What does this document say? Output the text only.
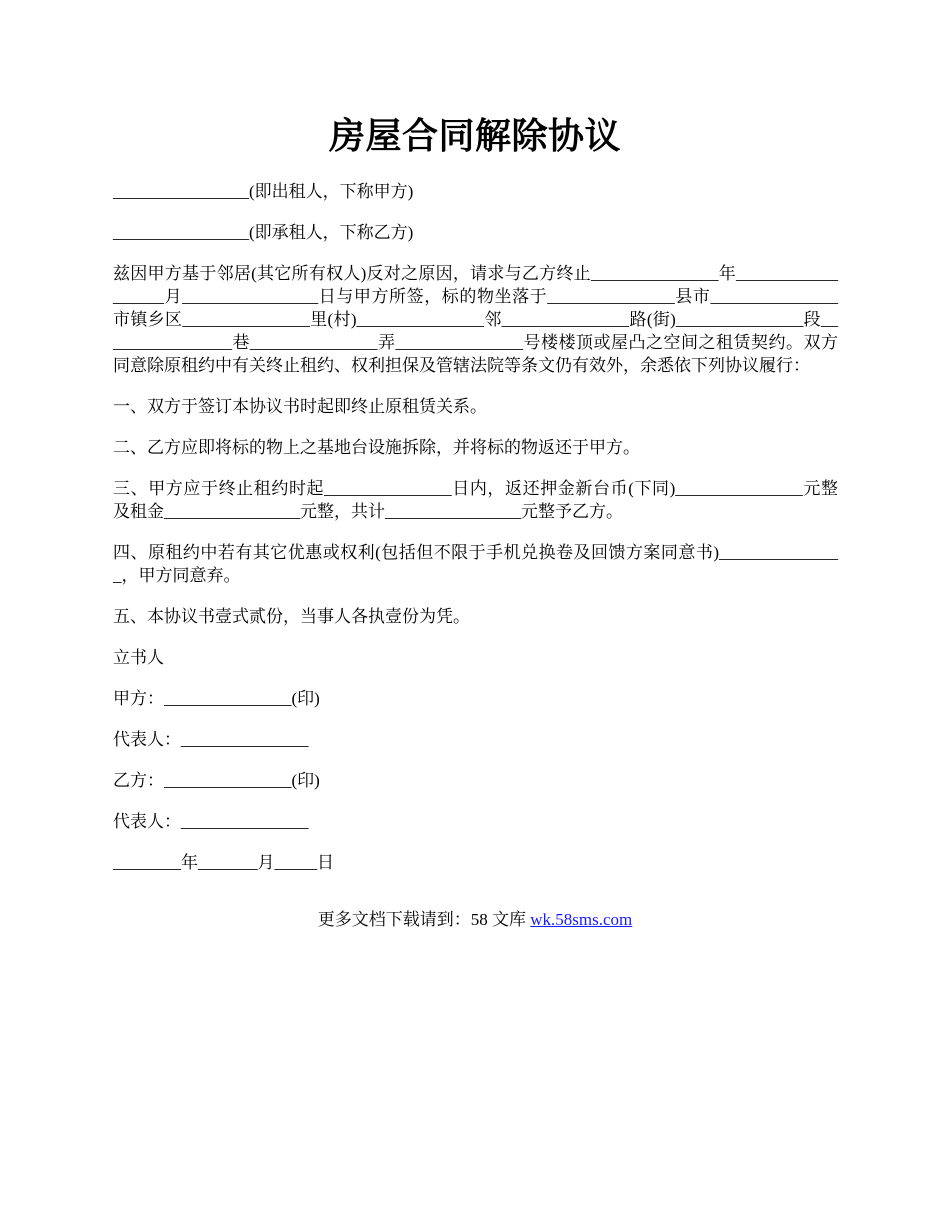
房屋合同解除协议

________________(即出租人，下称甲方)

________________(即承租人，下称乙方)

兹因甲方基于邻居(其它所有权人)反对之原因，请求与乙方终止_______________年__________________月________________日与甲方所签，标的物坐落于_______________县市_______________市镇乡区_______________里(村)_______________邻_______________路(街)_______________段________________巷_______________弄_______________号楼楼顶或屋凸之空间之租赁契约。双方同意除原租约中有关终止租约、权利担保及管辖法院等条文仍有效外，余悉依下列协议履行：

一、双方于签订本协议书时起即终止原租赁关系。

二、乙方应即将标的物上之基地台设施拆除，并将标的物返还于甲方。

三、甲方应于终止租约时起_______________日内，返还押金新台币(下同)_______________元整及租金________________元整，共计________________元整予乙方。

四、原租约中若有其它优惠或权利(包括但不限于手机兑换卷及回馈方案同意书)_______________，甲方同意弃。

五、本协议书壹式贰份，当事人各执壹份为凭。

立书人

甲方：_______________(印)

代表人：_______________

乙方：_______________(印)

代表人：_______________

________年_______月_____日

更多文档下载请到：58 文库 wk.58sms.com
